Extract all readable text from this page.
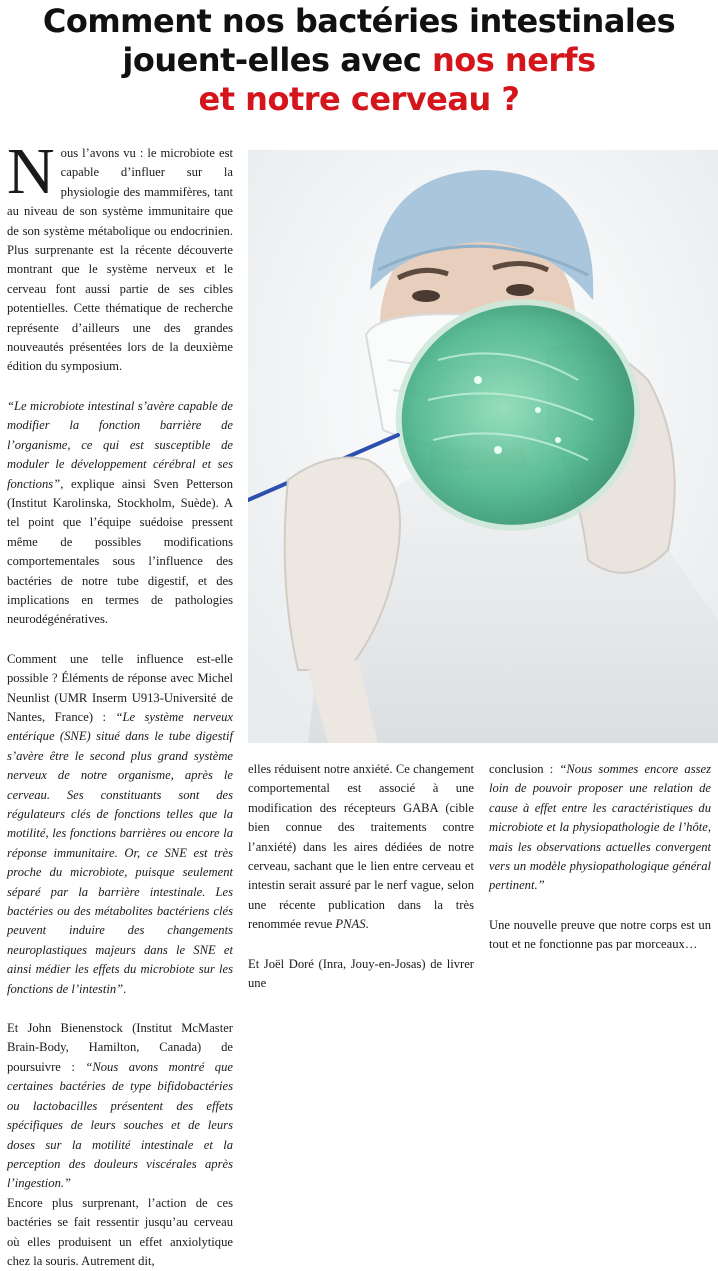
Comment nos bactéries intestinales
jouent-elles avec nos nerfs
et notre cerveau ?

Nous l’avons vu : le microbiote est capable d’influer sur la physiologie des mammifères, tant au niveau de son système immunitaire que de son système métabolique ou endocrinien. Plus surprenante est la récente découverte montrant que le système nerveux et le cerveau font aussi partie de ses cibles potentielles. Cette thématique de recherche représente d’ailleurs une des grandes nouveautés présentées lors de la deuxième édition du symposium.

“Le microbiote intestinal s’avère capable de modifier la fonction barrière de l’organisme, ce qui est susceptible de moduler le développement cérébral et ses fonctions”, explique ainsi Sven Petterson (Institut Karolinska, Stockholm, Suède). A tel point que l’équipe suédoise pressent même de possibles modifications comportementales sous l’influence des bactéries de notre tube digestif, et des implications en termes de pathologies neurodégénératives.

Comment une telle influence est-elle possible ? Éléments de réponse avec Michel Neunlist (UMR Inserm U913-Université de Nantes, France) : “Le système nerveux entérique (SNE) situé dans le tube digestif s’avère être le second plus grand système nerveux de notre organisme, après le cerveau. Ses constituants sont des régulateurs clés de fonctions telles que la motilité, les fonctions barrières ou encore la réponse immunitaire. Or, ce SNE est très proche du microbiote, puisque seulement séparé par la barrière intestinale. Les bactéries ou des métabolites bactériens clés peuvent induire des changements neuroplastiques majeurs dans le SNE et ainsi médier les effets du microbiote sur les fonctions de l’intestin”.

Et John Bienenstock (Institut McMaster Brain-Body, Hamilton, Canada) de poursuivre : “Nous avons montré que certaines bactéries de type bifidobactéries ou lactobacilles présentent des effets spécifiques de leurs souches et de leurs doses sur la motilité intestinale et la perception des douleurs viscérales après l’ingestion.”

Encore plus surprenant, l’action de ces bactéries se fait ressentir jusqu’au cerveau où elles produisent un effet anxiolytique chez la souris. Autrement dit,

elles réduisent notre anxiété. Ce changement comportemental est associé à une modification des récepteurs GABA (cible bien connue des traitements contre l’anxiété) dans les aires dédiées de notre cerveau, sachant que le lien entre cerveau et intestin serait assuré par le nerf vague, selon une récente publication dans la très renommée revue PNAS.

Et Joël Doré (Inra, Jouy-en-Josas) de livrer une

conclusion : “Nous sommes encore assez loin de pouvoir proposer une relation de cause à effet entre les caractéristiques du microbiote et la physiopathologie de l’hôte, mais les observations actuelles convergent vers un modèle physiopathologique général pertinent.”

Une nouvelle preuve que notre corps est un tout et ne fonctionne pas par morceaux…
